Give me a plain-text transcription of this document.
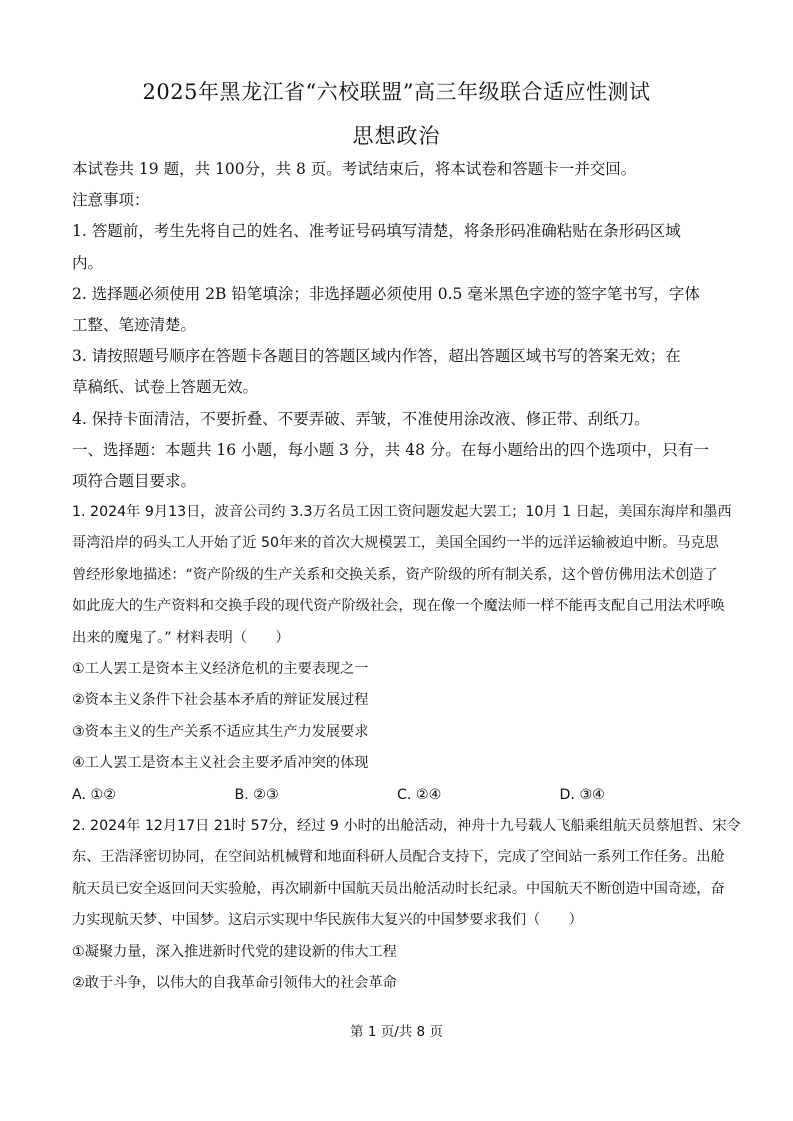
2025年黑龙江省“六校联盟”高三年级联合适应性测试
思想政治
本试卷共 19 题，共 100分，共 8 页。考试结束后，将本试卷和答题卡一并交回。
注意事项：
1. 答题前，考生先将自己的姓名、准考证号码填写清楚，将条形码准确粘贴在条形码区域
内。
2. 选择题必须使用 2B 铅笔填涂；非选择题必须使用 0.5 毫米黑色字迹的签字笔书写，字体
工整、笔迹清楚。
3. 请按照题号顺序在答题卡各题目的答题区域内作答，超出答题区域书写的答案无效；在
草稿纸、试卷上答题无效。
4. 保持卡面清洁，不要折叠、不要弄破、弄皱，不准使用涂改液、修正带、刮纸刀。
一、选择题：本题共 16 小题，每小题 3 分，共 48 分。在每小题给出的四个选项中，只有一
项符合题目要求。
1. 2024年 9月13日，波音公司约 3.3万名员工因工资问题发起大罢工；10月 1 日起，美国东海岸和墨西
哥湾沿岸的码头工人开始了近 50年来的首次大规模罢工，美国全国约一半的远洋运输被迫中断。马克思
曾经形象地描述：“资产阶级的生产关系和交换关系，资产阶级的所有制关系，这个曾仿佛用法术创造了
如此庞大的生产资料和交换手段的现代资产阶级社会，现在像一个魔法师一样不能再支配自己用法术呼唤
出来的魔鬼了。” 材料表明（　　）
①工人罢工是资本主义经济危机的主要表现之一
②资本主义条件下社会基本矛盾的辩证发展过程
③资本主义的生产关系不适应其生产力发展要求
④工人罢工是资本主义社会主要矛盾冲突的体现
A. ①②	B. ②③	C. ②④	D. ③④
2. 2024年 12月17日 21时 57分，经过 9 小时的出舱活动，神舟十九号载人飞船乘组航天员蔡旭哲、宋令
东、王浩泽密切协同，在空间站机械臂和地面科研人员配合支持下，完成了空间站一系列工作任务。出舱
航天员已安全返回问天实验舱，再次刷新中国航天员出舱活动时长纪录。中国航天不断创造中国奇迹，奋
力实现航天梦、中国梦。这启示实现中华民族伟大复兴的中国梦要求我们（　　）
①凝聚力量，深入推进新时代党的建设新的伟大工程
②敢于斗争，以伟大的自我革命引领伟大的社会革命
第 1 页/共 8 页
